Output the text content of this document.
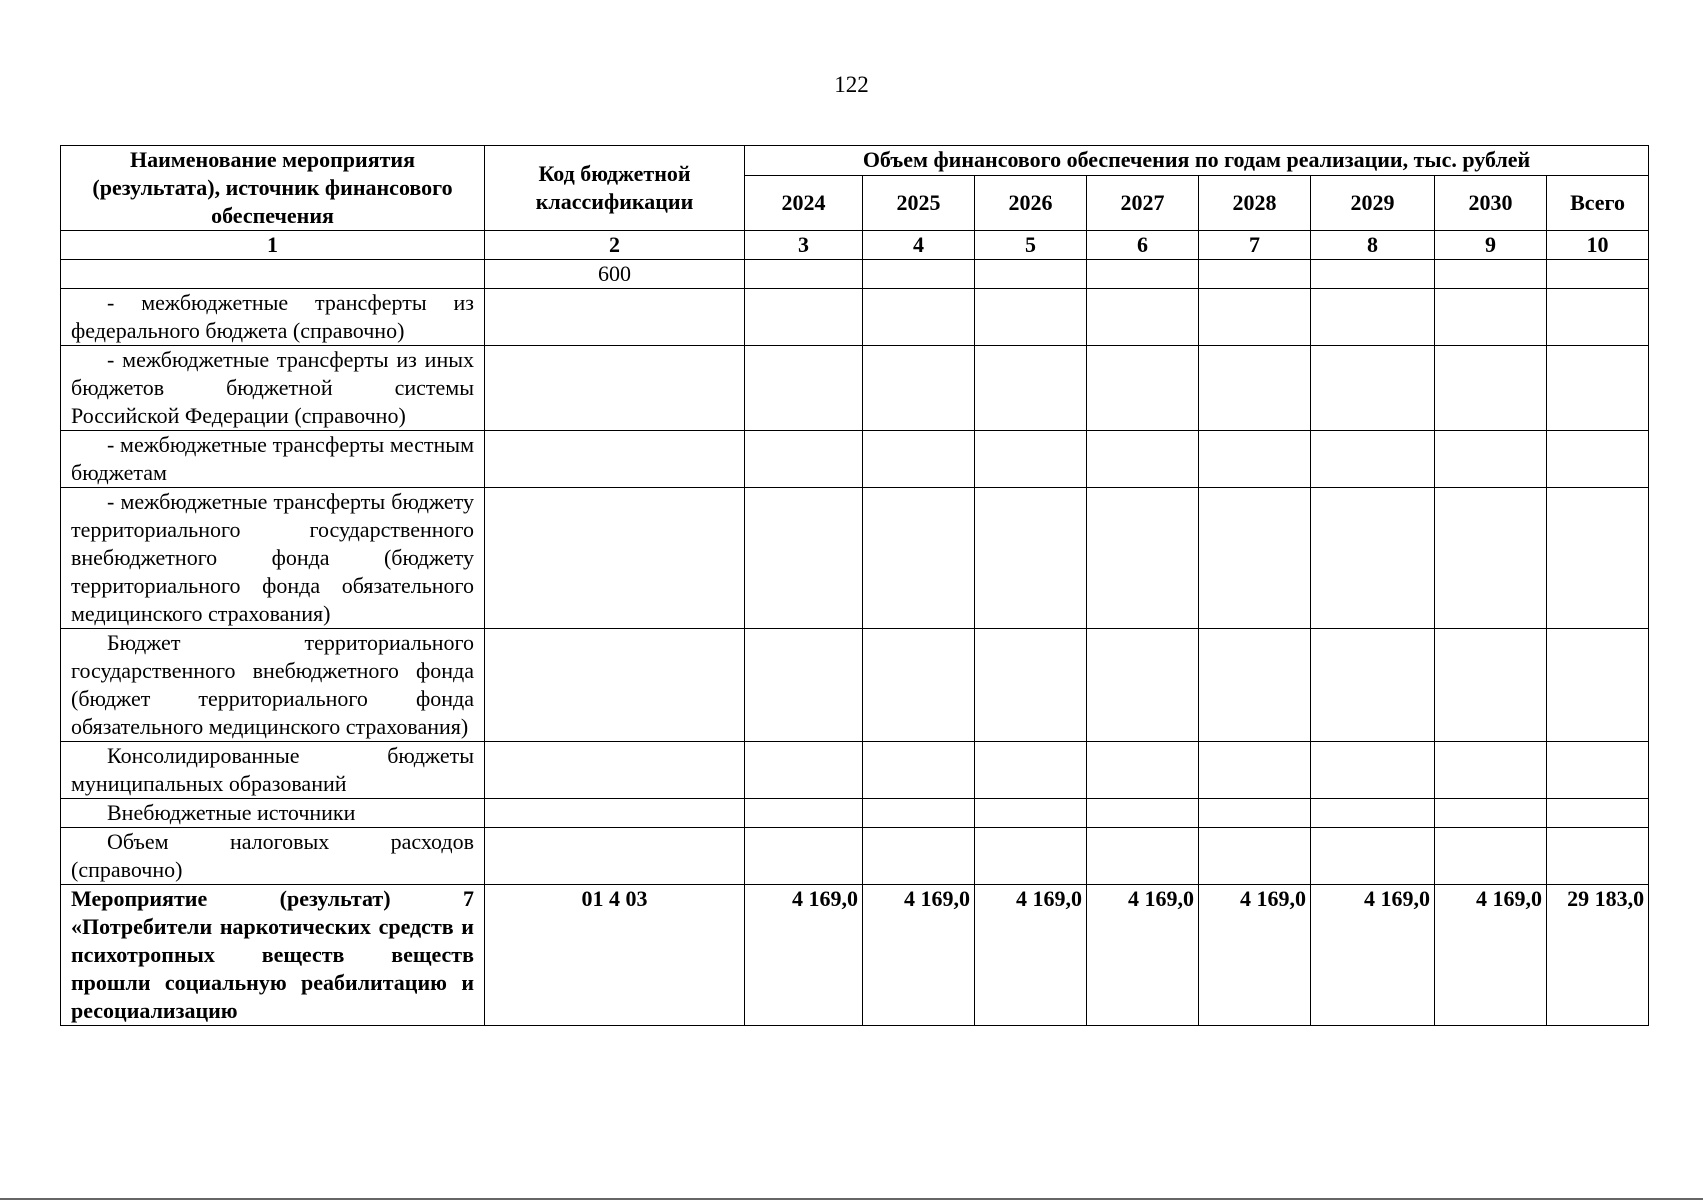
122
Наименование мероприятия (результата), источник финансового обеспечения	Код бюджетной классификации	Объем финансового обеспечения по годам реализации, тыс. рублей							
		2024	2025	2026	2027	2028	2029	2030	Всего
1	2	3	4	5	6	7	8	9	10
	600								
- межбюджетные трансферты из федерального бюджета (справочно)									
- межбюджетные трансферты из иных бюджетов бюджетной системы Российской Федерации (справочно)									
- межбюджетные трансферты местным бюджетам									
- межбюджетные трансферты бюджету территориального государственного внебюджетного фонда (бюджету территориального фонда обязательного медицинского страхования)									
Бюджет территориального государственного внебюджетного фонда (бюджет территориального фонда обязательного медицинского страхования)									
Консолидированные бюджеты муниципальных образований									
Внебюджетные источники									
Объем налоговых расходов (справочно)									
Мероприятие (результат) 7 «Потребители наркотических средств и психотропных веществ веществ прошли социальную реабилитацию и ресоциализацию	01 4 03	4 169,0	4 169,0	4 169,0	4 169,0	4 169,0	4 169,0	4 169,0	29 183,0
